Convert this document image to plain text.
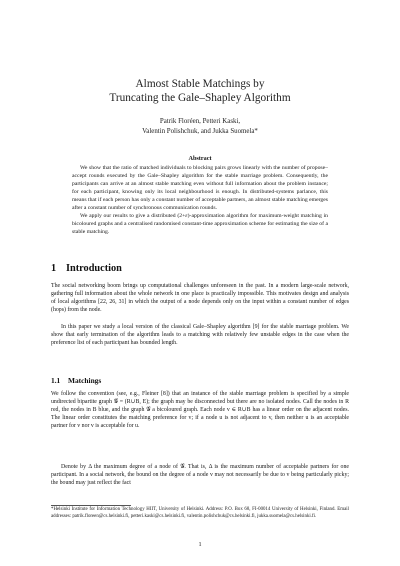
Almost Stable Matchings by
Truncating the Gale–Shapley Algorithm
Patrik Floréen, Petteri Kaski,
Valentin Polishchuk, and Jukka Suomela*
Abstract

We show that the ratio of matched individuals to blocking pairs grows linearly with the number of propose–accept rounds executed by the Gale–Shapley algorithm for the stable marriage problem. Consequently, the participants can arrive at an almost stable matching even without full information about the problem instance; for each participant, knowing only its local neighbourhood is enough. In distributed-systems parlance, this means that if each person has only a constant number of acceptable partners, an almost stable matching emerges after a constant number of synchronous communication rounds.

We apply our results to give a distributed (2+ε)-approximation algorithm for maximum-weight matching in bicoloured graphs and a centralised randomised constant-time approximation scheme for estimating the size of a stable matching.

1 Introduction

The social networking boom brings up computational challenges unforeseen in the past. In a modern large-scale network, gathering full information about the whole network in one place is practically impossible. This motivates design and analysis of local algorithms [22, 26, 31] in which the output of a node depends only on the input within a constant number of edges (hops) from the node.

In this paper we study a local version of the classical Gale–Shapley algorithm [9] for the stable marriage problem. We show that early termination of the algorithm leads to a matching with relatively few unstable edges in the case when the preference list of each participant has bounded length.

1.1 Matchings

We follow the convention (see, e.g., Fleiner [8]) that an instance of the stable marriage problem is specified by a simple undirected bipartite graph 𝒢 = (R∪B, E); the graph may be disconnected but there are no isolated nodes. Call the nodes in R red, the nodes in B blue, and the graph 𝒢 a bicoloured graph. Each node v ∈ R∪B has a linear order on the adjacent nodes. The linear order constitutes the matching preference for v; if a node u is not adjacent to v, then neither u is an acceptable partner for v nor v is acceptable for u.

Denote by Δ the maximum degree of a node of 𝒢. That is, Δ is the maximum number of acceptable partners for one participant. In a social network, the bound on the degree of a node v may not necessarily be due to v being particularly picky; the bound may just reflect the fact

*Helsinki Institute for Information Technology HIIT, University of Helsinki. Address: P.O. Box 68, FI-00014 University of Helsinki, Finland. Email addresses: patrik.floreen@cs.helsinki.fi, petteri.kaski@cs.helsinki.fi, valentin.polishchuk@cs.helsinki.fi, jukka.suomela@cs.helsinki.fi.

1
